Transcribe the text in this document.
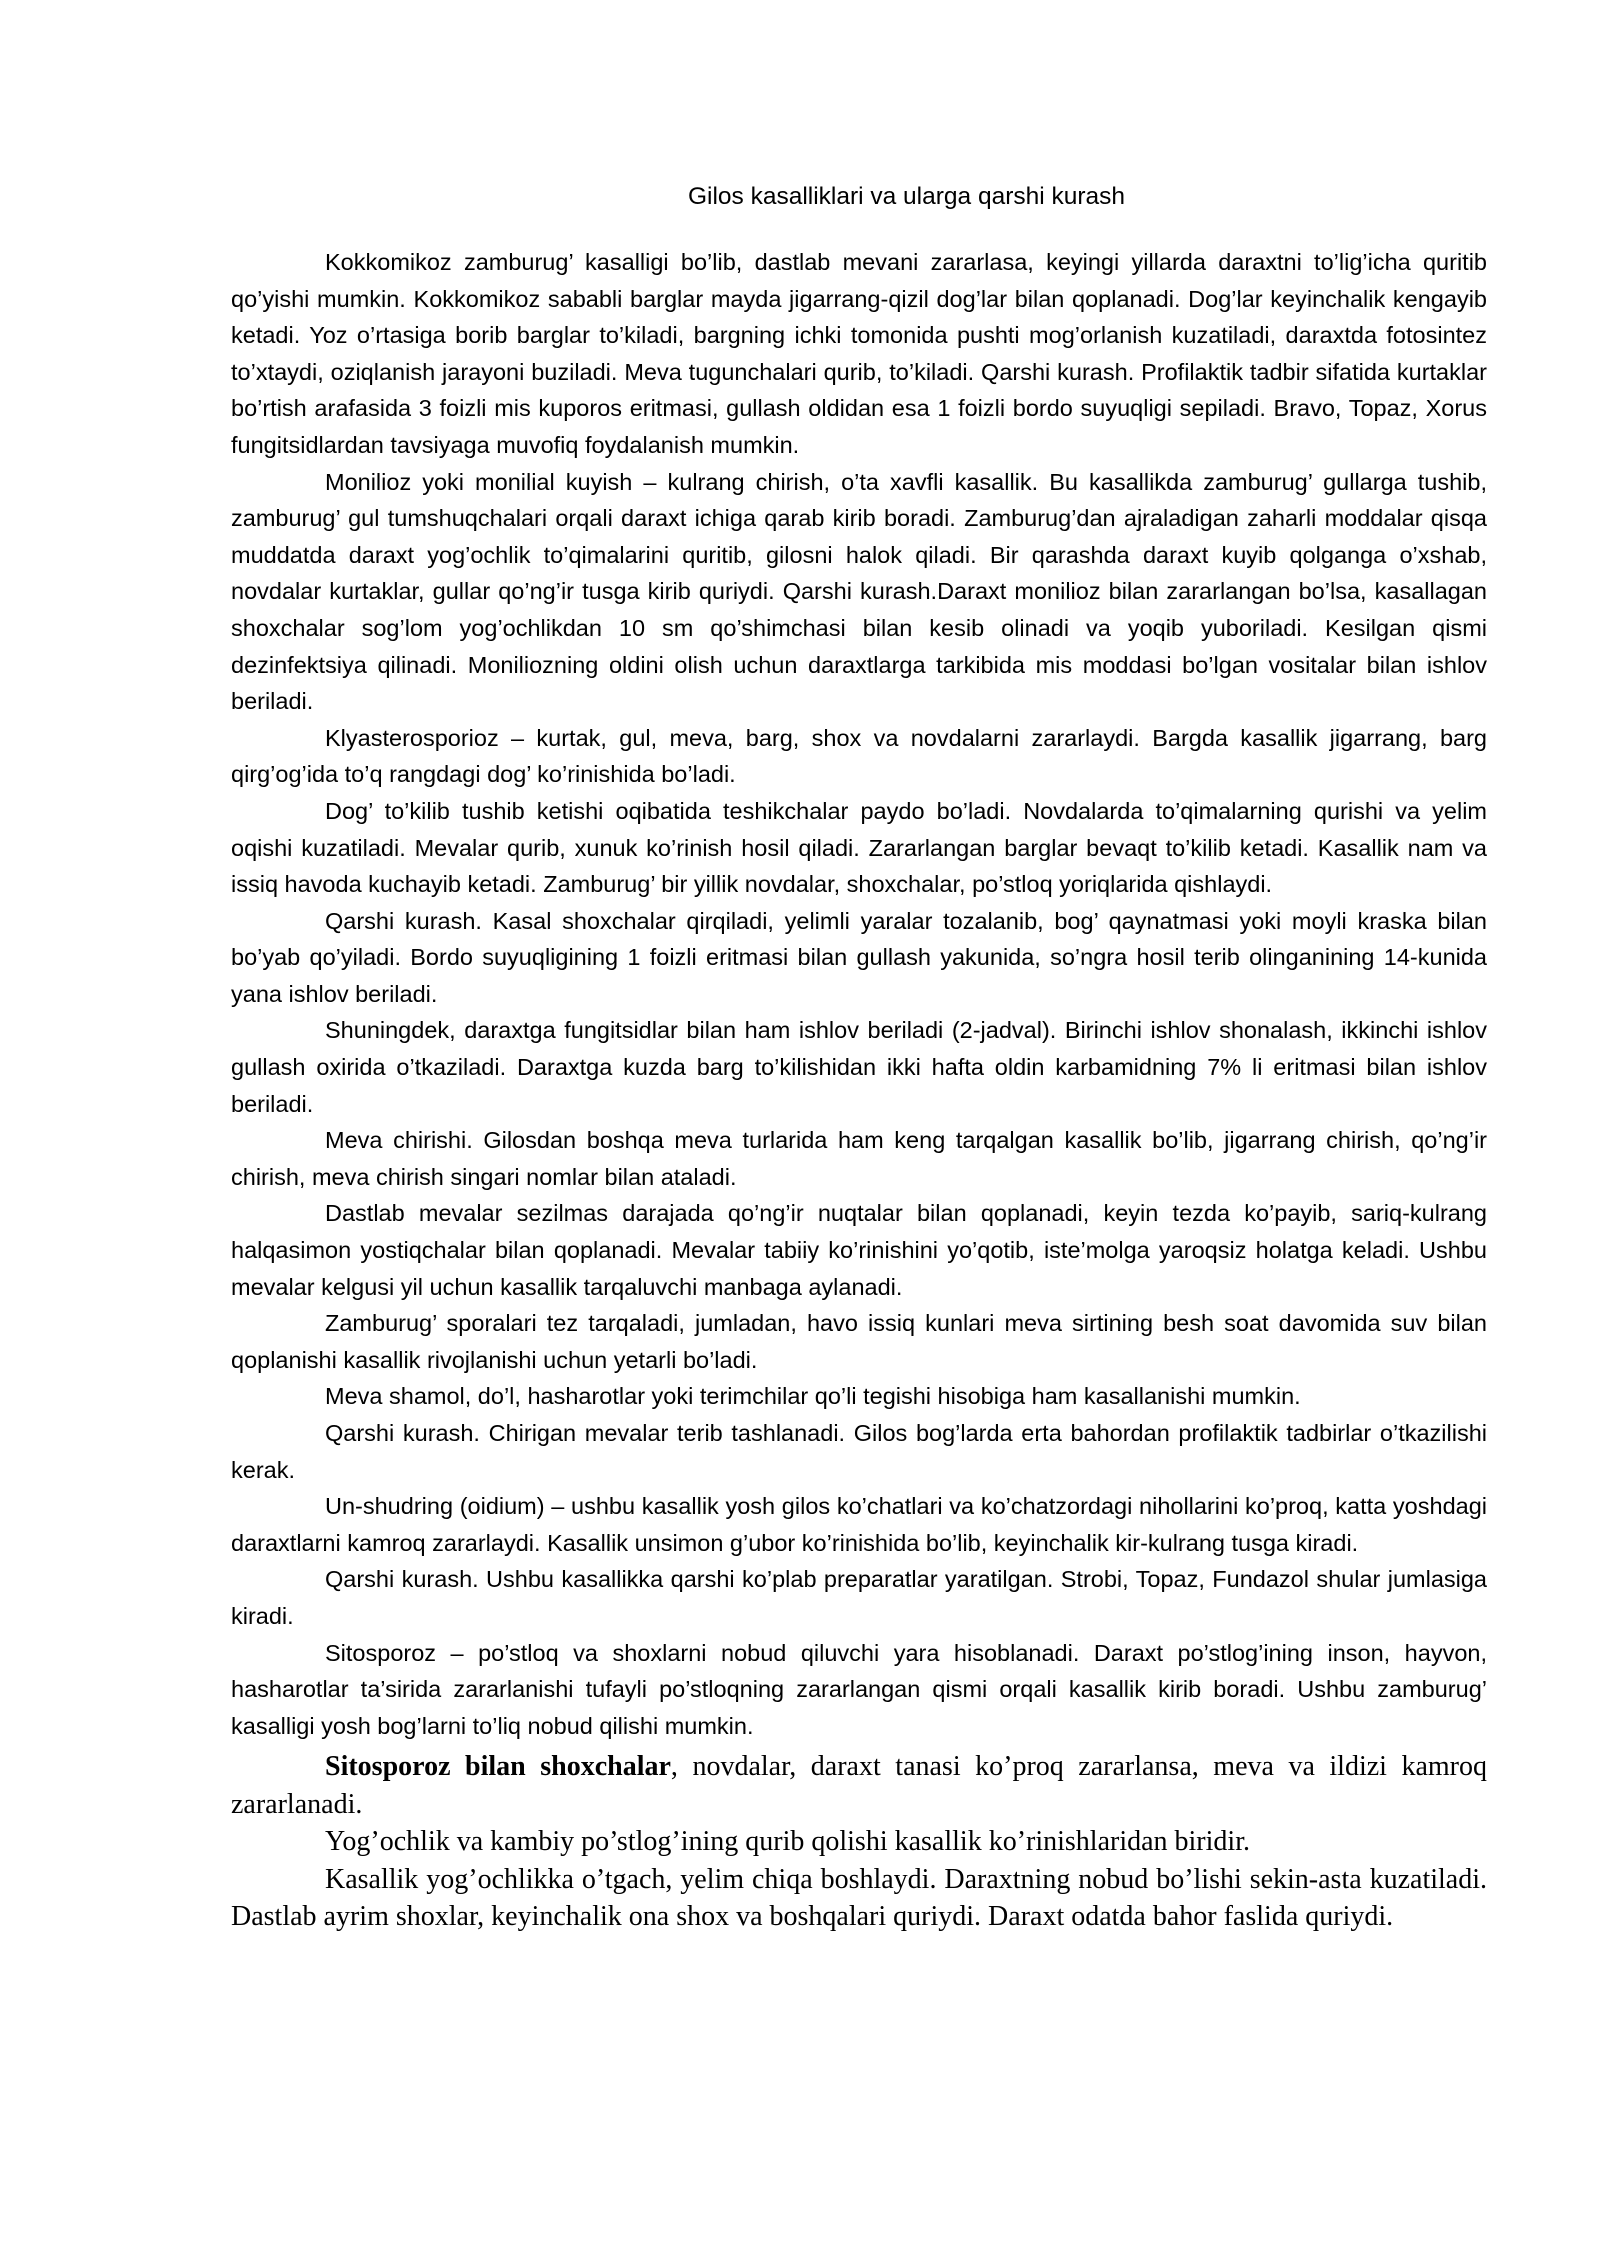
Gilos kasalliklari va ularga qarshi kurash

Kokkomikoz zamburug’ kasalligi bo’lib, dastlab mevani zararlasa, keyingi yillarda daraxtni to’lig’icha quritib qo’yishi mumkin. Kokkomikoz sababli barglar mayda jigarrang-qizil dog’lar bilan qoplanadi. Dog’lar keyinchalik kengayib ketadi. Yoz o’rtasiga borib barglar to’kiladi, bargning ichki tomonida pushti mog’orlanish kuzatiladi, daraxtda fotosintez to’xtaydi, oziqlanish jarayoni buziladi. Meva tugunchalari qurib, to’kiladi. Qarshi kurash. Profilaktik tadbir sifatida kurtaklar bo’rtish arafasida 3 foizli mis kuporos eritmasi, gullash oldidan esa 1 foizli bordo suyuqligi sepiladi. Bravo, Topaz, Xorus fungitsidlardan tavsiyaga muvofiq foydalanish mumkin.

Monilioz yoki monilial kuyish – kulrang chirish, o’ta xavfli kasallik. Bu kasallikda zamburug’ gullarga tushib, zamburug’ gul tumshuqchalari orqali daraxt ichiga qarab kirib boradi. Zamburug’dan ajraladigan zaharli moddalar qisqa muddatda daraxt yog’ochlik to’qimalarini quritib, gilosni halok qiladi. Bir qarashda daraxt kuyib qolganga o’xshab, novdalar kurtaklar, gullar qo’ng’ir tusga kirib quriydi. Qarshi kurash.Daraxt monilioz bilan zararlangan bo’lsa, kasallagan shoxchalar sog’lom yog’ochlikdan 10 sm qo’shimchasi bilan kesib olinadi va yoqib yuboriladi. Kesilgan qismi dezinfektsiya qilinadi. Moniliozning oldini olish uchun daraxtlarga tarkibida mis moddasi bo’lgan vositalar bilan ishlov beriladi.

Klyasterosporioz – kurtak, gul, meva, barg, shox va novdalarni zararlaydi. Bargda kasallik jigarrang, barg qirg’og’ida to’q rangdagi dog’ ko’rinishida bo’ladi.

Dog’ to’kilib tushib ketishi oqibatida teshikchalar paydo bo’ladi. Novdalarda to’qimalarning qurishi va yelim oqishi kuzatiladi. Mevalar qurib, xunuk ko’rinish hosil qiladi. Zararlangan barglar bevaqt to’kilib ketadi. Kasallik nam va issiq havoda kuchayib ketadi. Zamburug’ bir yillik novdalar, shoxchalar, po’stloq yoriqlarida qishlaydi.

Qarshi kurash. Kasal shoxchalar qirqiladi, yelimli yaralar tozalanib, bog’ qaynatmasi yoki moyli kraska bilan bo’yab qo’yiladi. Bordo suyuqligining 1 foizli eritmasi bilan gullash yakunida, so’ngra hosil terib olinganining 14-kunida yana ishlov beriladi.

Shuningdek, daraxtga fungitsidlar bilan ham ishlov beriladi (2-jadval). Birinchi ishlov shonalash, ikkinchi ishlov gullash oxirida o’tkaziladi. Daraxtga kuzda barg to’kilishidan ikki hafta oldin karbamidning 7% li eritmasi bilan ishlov beriladi.

Meva chirishi. Gilosdan boshqa meva turlarida ham keng tarqalgan kasallik bo’lib, jigarrang chirish, qo’ng’ir chirish, meva chirish singari nomlar bilan ataladi.

Dastlab mevalar sezilmas darajada qo’ng’ir nuqtalar bilan qoplanadi, keyin tezda ko’payib, sariq-kulrang halqasimon yostiqchalar bilan qoplanadi. Mevalar tabiiy ko’rinishini yo’qotib, iste’molga yaroqsiz holatga keladi. Ushbu mevalar kelgusi yil uchun kasallik tarqaluvchi manbaga aylanadi.

Zamburug’ sporalari tez tarqaladi, jumladan, havo issiq kunlari meva sirtining besh soat davomida suv bilan qoplanishi kasallik rivojlanishi uchun yetarli bo’ladi.

Meva shamol, do’l, hasharotlar yoki terimchilar qo’li tegishi hisobiga ham kasallanishi mumkin.

Qarshi kurash. Chirigan mevalar terib tashlanadi. Gilos bog’larda erta bahordan profilaktik tadbirlar o’tkazilishi kerak.

Un-shudring (oidium) – ushbu kasallik yosh gilos ko’chatlari va ko’chatzordagi nihollarini ko’proq, katta yoshdagi daraxtlarni kamroq zararlaydi. Kasallik unsimon g’ubor ko’rinishida bo’lib, keyinchalik kir-kulrang tusga kiradi.

Qarshi kurash. Ushbu kasallikka qarshi ko’plab preparatlar yaratilgan. Strobi, Topaz, Fundazol shular jumlasiga kiradi.

Sitosporoz – po’stloq va shoxlarni nobud qiluvchi yara hisoblanadi. Daraxt po’stlog’ining inson, hayvon, hasharotlar ta’sirida zararlanishi tufayli po’stloqning zararlangan qismi orqali kasallik kirib boradi. Ushbu zamburug’ kasalligi yosh bog’larni to’liq nobud qilishi mumkin.

Sitosporoz bilan shoxchalar, novdalar, daraxt tanasi ko’proq zararlansa, meva va ildizi kamroq zararlanadi.

Yog’ochlik va kambiy po’stlog’ining qurib qolishi kasallik ko’rinishlaridan biridir.

Kasallik yog’ochlikka o’tgach, yelim chiqa boshlaydi. Daraxtning nobud bo’lishi sekin-asta kuzatiladi. Dastlab ayrim shoxlar, keyinchalik ona shox va boshqalari quriydi. Daraxt odatda bahor faslida quriydi.
